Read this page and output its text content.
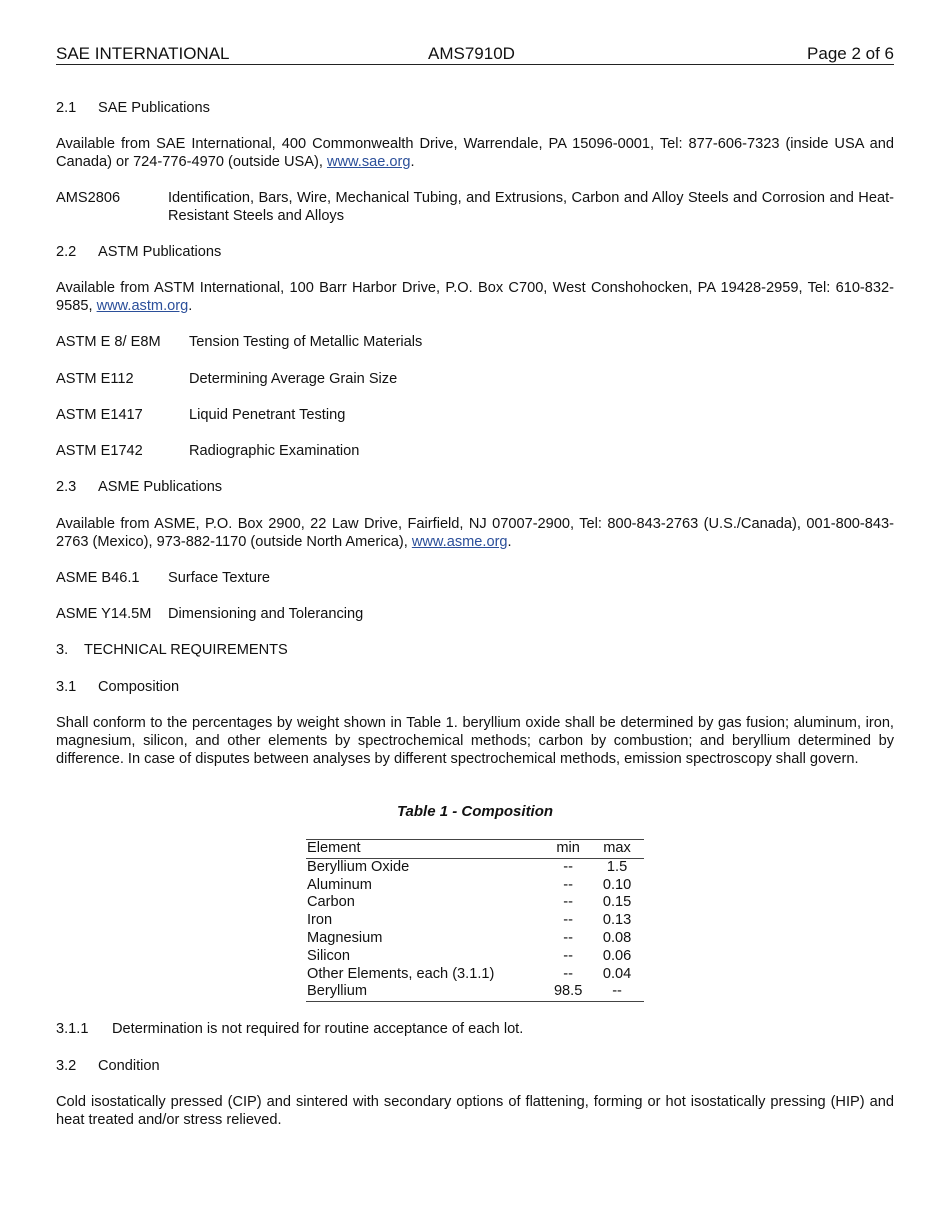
SAE INTERNATIONAL	AMS7910D	Page 2 of 6
2.1 SAE Publications
Available from SAE International, 400 Commonwealth Drive, Warrendale, PA 15096-0001, Tel: 877-606-7323 (inside USA and Canada) or 724-776-4970 (outside USA), www.sae.org.
AMS2806	Identification, Bars, Wire, Mechanical Tubing, and Extrusions, Carbon and Alloy Steels and Corrosion and Heat-Resistant Steels and Alloys
2.2 ASTM Publications
Available from ASTM International, 100 Barr Harbor Drive, P.O. Box C700, West Conshohocken, PA 19428-2959, Tel: 610-832-9585, www.astm.org.
ASTM E 8/ E8M Tension Testing of Metallic Materials
ASTM E112	Determining Average Grain Size
ASTM E1417	Liquid Penetrant Testing
ASTM E1742	Radiographic Examination
2.3 ASME Publications
Available from ASME, P.O. Box 2900, 22 Law Drive, Fairfield, NJ 07007-2900, Tel: 800-843-2763 (U.S./Canada), 001-800-843-2763 (Mexico), 973-882-1170 (outside North America), www.asme.org.
ASME B46.1 Surface Texture
ASME Y14.5M Dimensioning and Tolerancing
3. TECHNICAL REQUIREMENTS
3.1 Composition
Shall conform to the percentages by weight shown in Table 1. beryllium oxide shall be determined by gas fusion; aluminum, iron, magnesium, silicon, and other elements by spectrochemical methods; carbon by combustion; and beryllium determined by difference. In case of disputes between analyses by different spectrochemical methods, emission spectroscopy shall govern.
Table 1 - Composition
Element	min	max
Beryllium Oxide	--	1.5
Aluminum	--	0.10
Carbon	--	0.15
Iron	--	0.13
Magnesium	--	0.08
Silicon	--	0.06
Other Elements, each (3.1.1)	--	0.04
Beryllium	98.5	--
3.1.1 Determination is not required for routine acceptance of each lot.
3.2 Condition
Cold isostatically pressed (CIP) and sintered with secondary options of flattening, forming or hot isostatically pressing (HIP) and heat treated and/or stress relieved.
